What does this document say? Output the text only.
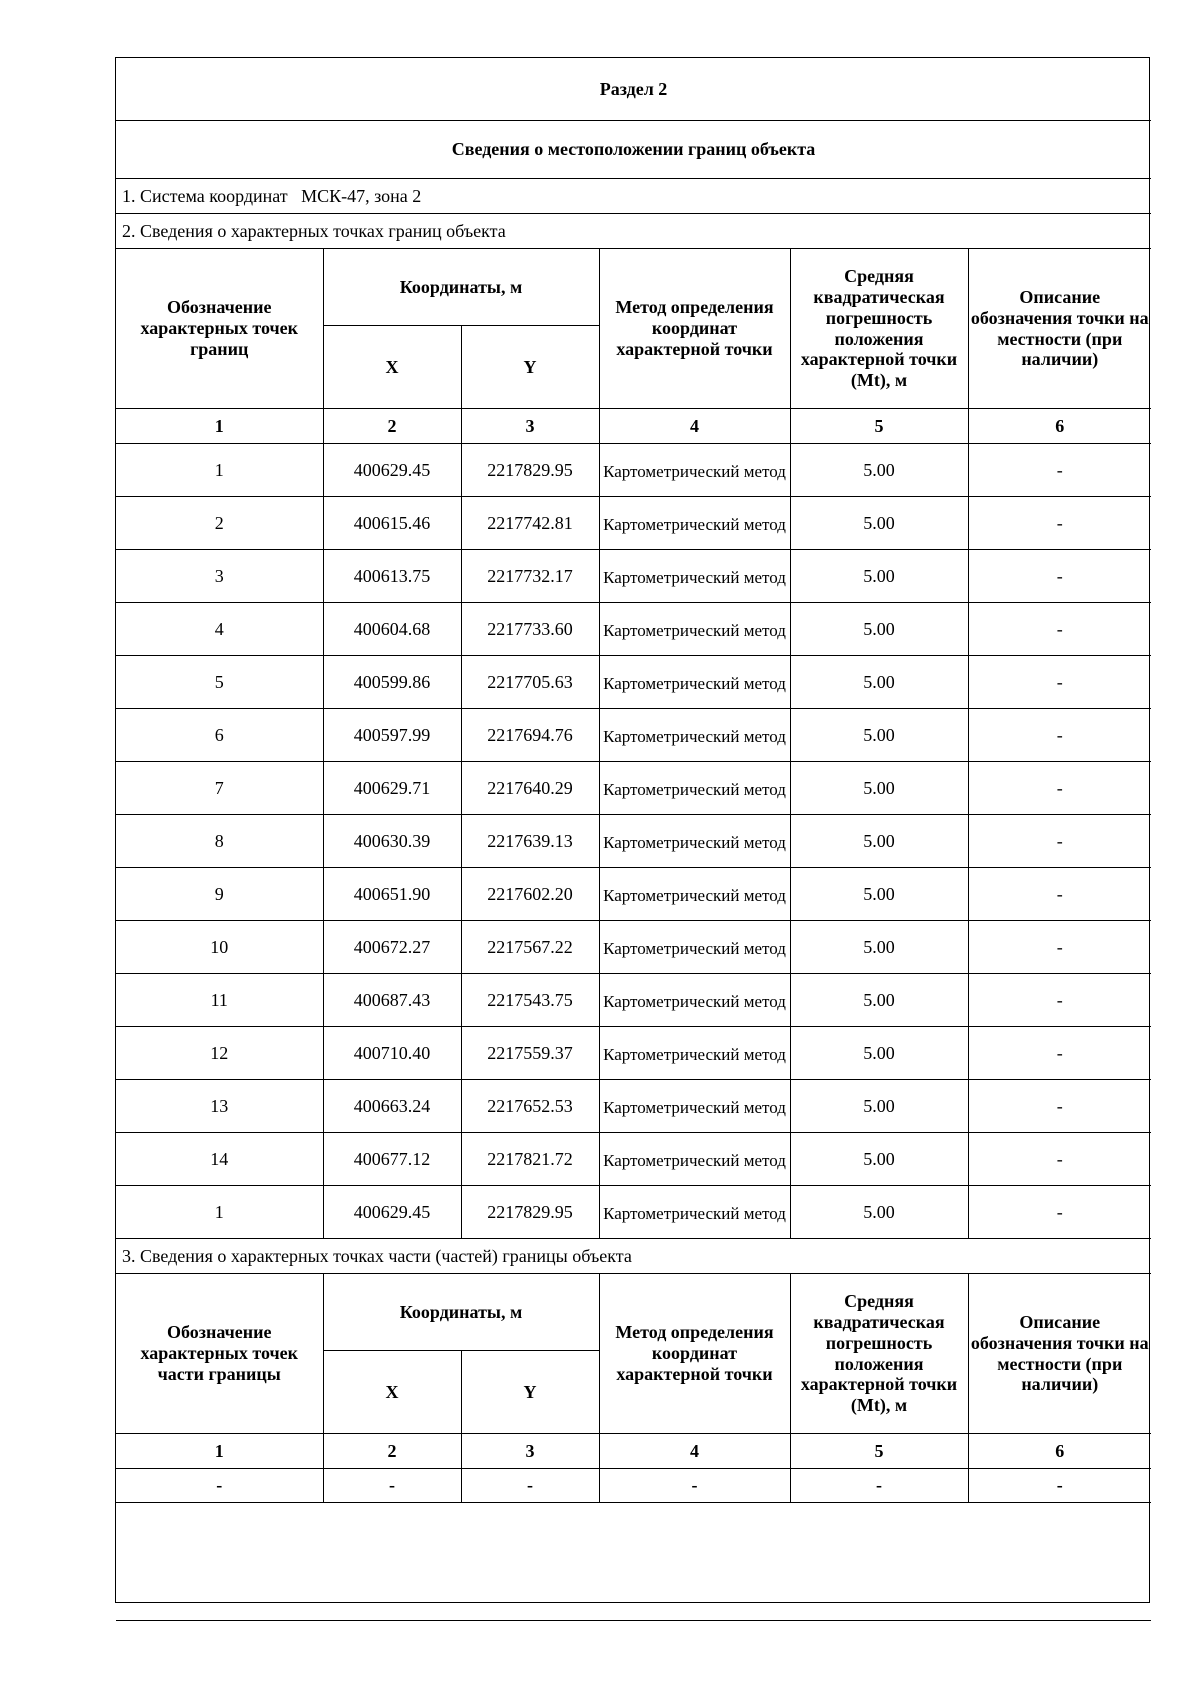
Раздел 2					
Сведения о местоположении границ объекта					
1. Система координат МСК-47, зона 2					
2. Сведения о характерных точках границ объекта					
Обозначение характерных точек границ	Координаты, м		Метод определения координат характерной точки	Средняя квадратическая погрешность положения характерной точки (Mt), м	Описание обозначения точки на местности (при наличии)
	X	Y			
1	2	3	4	5	6
1	400629.45	2217829.95	Картометрический метод	5.00	-
2	400615.46	2217742.81	Картометрический метод	5.00	-
3	400613.75	2217732.17	Картометрический метод	5.00	-
4	400604.68	2217733.60	Картометрический метод	5.00	-
5	400599.86	2217705.63	Картометрический метод	5.00	-
6	400597.99	2217694.76	Картометрический метод	5.00	-
7	400629.71	2217640.29	Картометрический метод	5.00	-
8	400630.39	2217639.13	Картометрический метод	5.00	-
9	400651.90	2217602.20	Картометрический метод	5.00	-
10	400672.27	2217567.22	Картометрический метод	5.00	-
11	400687.43	2217543.75	Картометрический метод	5.00	-
12	400710.40	2217559.37	Картометрический метод	5.00	-
13	400663.24	2217652.53	Картометрический метод	5.00	-
14	400677.12	2217821.72	Картометрический метод	5.00	-
1	400629.45	2217829.95	Картометрический метод	5.00	-
3. Сведения о характерных точках части (частей) границы объекта					
Обозначение характерных точек части границы	Координаты, м		Метод определения координат характерной точки	Средняя квадратическая погрешность положения характерной точки (Mt), м	Описание обозначения точки на местности (при наличии)
	X	Y			
1	2	3	4	5	6
-	-	-	-	-	-
